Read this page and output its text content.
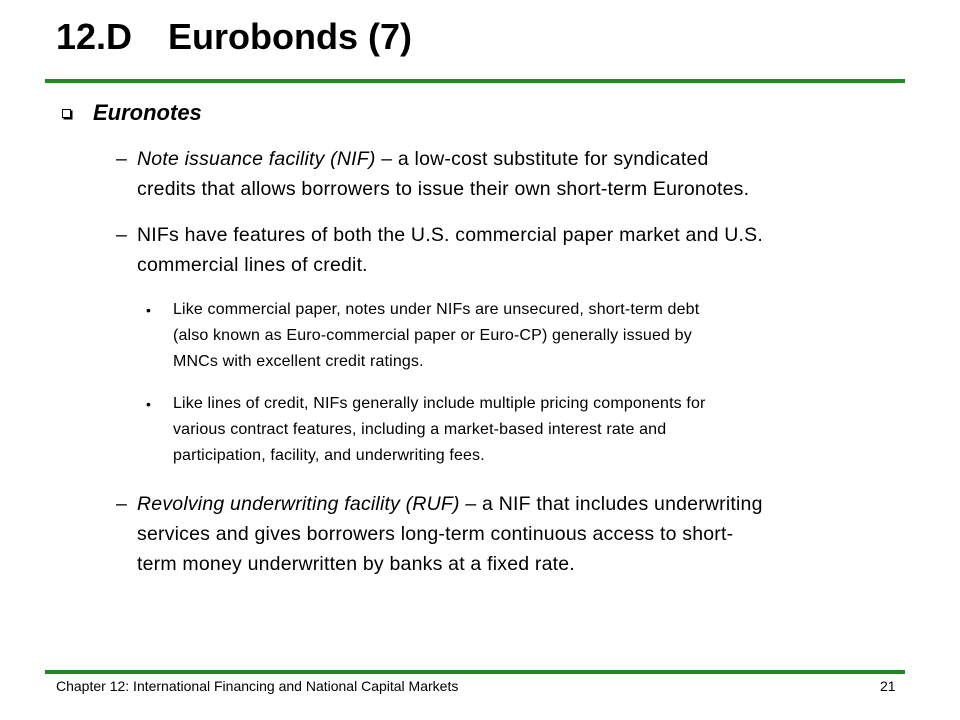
12.D Eurobonds (7)
Euronotes
– Note issuance facility (NIF) – a low-cost substitute for syndicated
credits that allows borrowers to issue their own short-term Euronotes.
– NIFs have features of both the U.S. commercial paper market and U.S.
commercial lines of credit.
•	Like commercial paper, notes under NIFs are unsecured, short-term debt
(also known as Euro-commercial paper or Euro-CP) generally issued by
MNCs with excellent credit ratings.
•	Like lines of credit, NIFs generally include multiple pricing components for
various contract features, including a market-based interest rate and
participation, facility, and underwriting fees.
– Revolving underwriting facility (RUF) – a NIF that includes underwriting
services and gives borrowers long-term continuous access to short-
term money underwritten by banks at a fixed rate.
Chapter 12: International Financing and National Capital Markets	21
